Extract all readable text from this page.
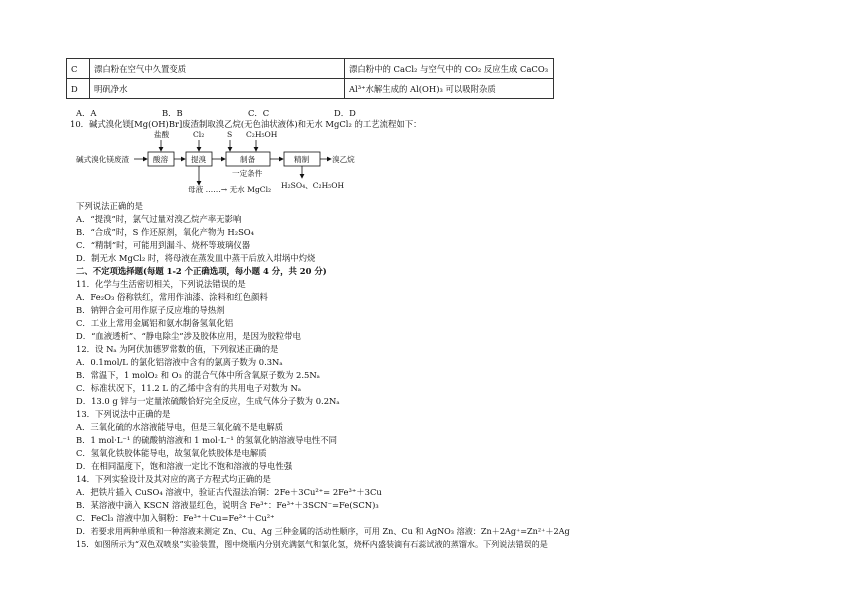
C	漂白粉在空气中久置变质	漂白粉中的 CaCl₂ 与空气中的 CO₂ 反应生成 CaCO₃
D	明矾净水	Al³⁺水解生成的 Al(OH)₃ 可以吸附杂质
A．A	B．B	C．C	D．D
10．碱式溴化镁[Mg(OH)Br]废渣制取溴乙烷(无色油状液体)和无水 MgCl₂ 的工艺流程如下：
碱式溴化镁废渣	酸溶	提溴	制备	精制	溴乙烷
盐酸	Cl₂	S C₂H₅OH
一定条件
母液 ……→ 无水 MgCl₂ H₂SO₄、C₂H₅OH
下列说法正确的是
A．“提溴”时，氯气过量对溴乙烷产率无影响
B．“合成”时，S 作还原剂，氧化产物为 H₂SO₄
C．“精制”时，可能用到漏斗、烧杯等玻璃仪器
D．制无水 MgCl₂ 时，将母液在蒸发皿中蒸干后放入坩埚中灼烧
二、不定项选择题(每题 1-2 个正确选项，每小题 4 分，共 20 分)
11．化学与生活密切相关，下列说法错误的是
A．Fe₂O₃ 俗称铁红，常用作油漆、涂料和红色颜料
B．钠钾合金可用作原子反应堆的导热剂
C．工业上常用金属铝和氨水制备氢氧化铝
D．“血液透析”、“静电除尘”涉及胶体应用，是因为胶粒带电
12．设 Nₐ 为阿伏加德罗常数的值，下列叙述正确的是
A．0.1mol/L 的氯化铝溶液中含有的氯离子数为 0.3Nₐ
B．常温下，1 molO₂ 和 O₃ 的混合气体中所含氧原子数为 2.5Nₐ
C．标准状况下，11.2 L 的乙烯中含有的共用电子对数为 Nₐ
D．13.0 g 锌与一定量浓硫酸恰好完全反应，生成气体分子数为 0.2Nₐ
13．下列说法中正确的是
A．三氧化硫的水溶液能导电，但是三氧化硫不是电解质
B．1 mol·L⁻¹ 的硫酸钠溶液和 1 mol·L⁻¹ 的氢氧化钠溶液导电性不同
C．氢氧化铁胶体能导电，故氢氧化铁胶体是电解质
D．在相同温度下，饱和溶液一定比不饱和溶液的导电性强
14．下列实验设计及其对应的离子方程式均正确的是
A．把铁片插入 CuSO₄ 溶液中，验证古代湿法冶铜：2Fe＋3Cu²⁺= 2Fe³⁺＋3Cu
B．某溶液中滴入 KSCN 溶液显红色，说明含 Fe³⁺：Fe³⁺＋3SCN⁻=Fe(SCN)₃
C．FeCl₃ 溶液中加入铜粉：Fe³⁺＋Cu=Fe²⁺＋Cu²⁺
D．若要求用两种单质和一种溶液来测定 Zn、Cu、Ag 三种金属的活动性顺序，可用 Zn、Cu 和 AgNO₃ 溶液：Zn＋2Ag⁺=Zn²⁺＋2Ag
15．如图所示为“双色双喷泉”实验装置，图中烧瓶内分别充满氨气和氯化氢，烧杯内盛装滴有石蕊试液的蒸馏水。下列说法错误的是
